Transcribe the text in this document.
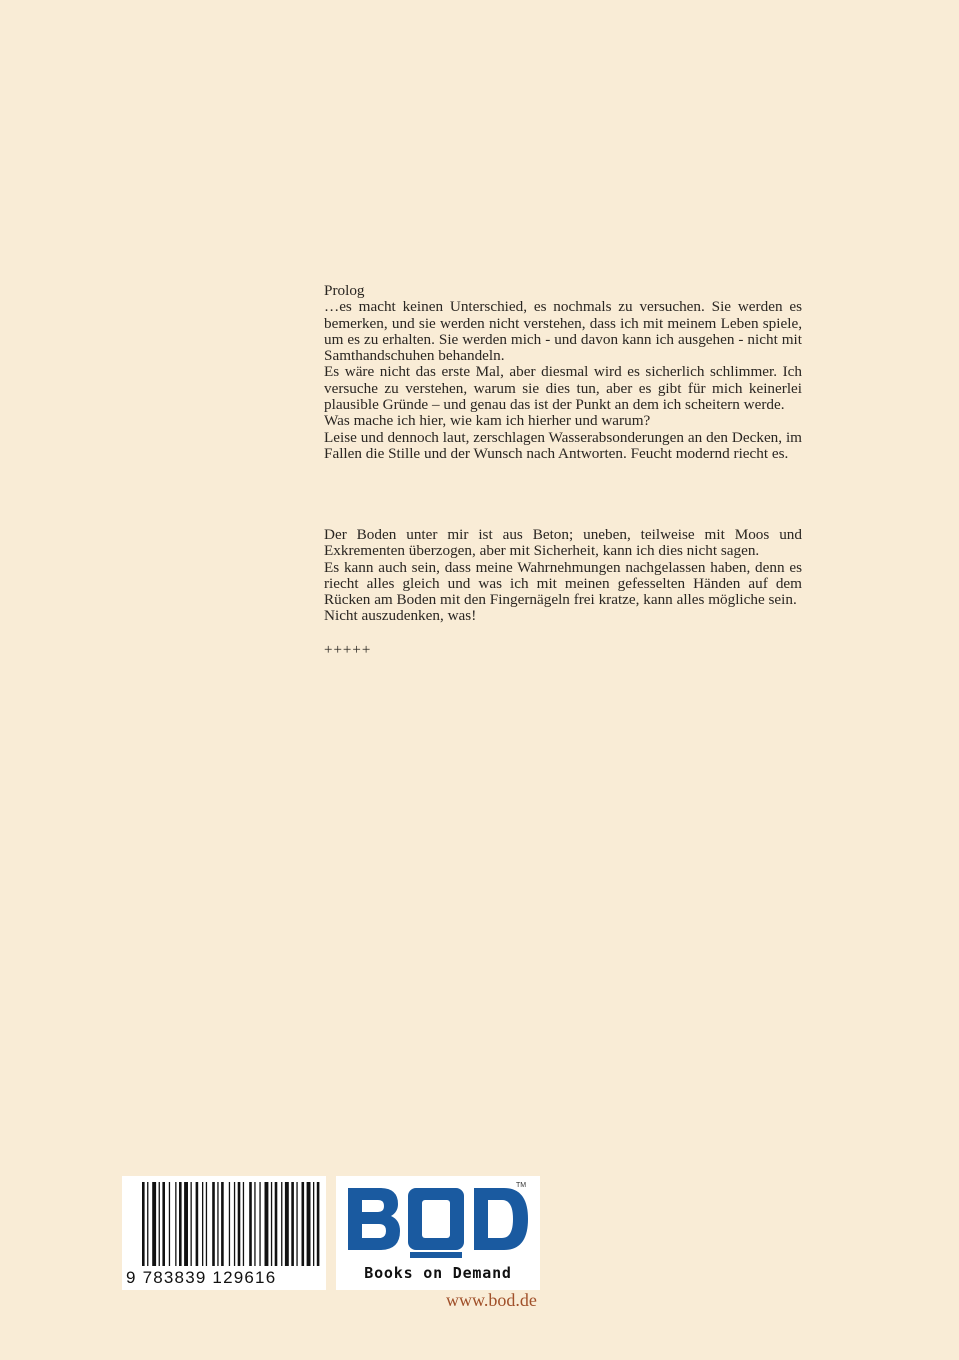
Prolog

…es macht keinen Unterschied, es nochmals zu versuchen. Sie werden es bemerken, und sie werden nicht verstehen, dass ich mit meinem Leben spiele, um es zu erhalten. Sie werden mich - und davon kann ich ausgehen - nicht mit Samthandschuhen behandeln.

Es wäre nicht das erste Mal, aber diesmal wird es sicherlich schlimmer. Ich versuche zu verstehen, warum sie dies tun, aber es gibt für mich keinerlei plausible Gründe – und genau das ist der Punkt an dem ich scheitern werde.

Was mache ich hier, wie kam ich hierher und warum?

Leise und dennoch laut, zerschlagen Wasserabsonderungen an den Decken, im Fallen die Stille und der Wunsch nach Antworten. Feucht modernd riecht es.

Der Boden unter mir ist aus Beton; uneben, teilweise mit Moos und Exkrementen überzogen, aber mit Sicherheit, kann ich dies nicht sagen.

Es kann auch sein, dass meine Wahrnehmungen nachgelassen haben, denn es riecht alles gleich und was ich mit meinen gefesselten Händen auf dem Rücken am Boden mit den Fingernägeln frei kratze, kann alles mögliche sein.

Nicht auszudenken, was!

+++++
9 783839 129616
TM
Books on Demand
www.bod.de
